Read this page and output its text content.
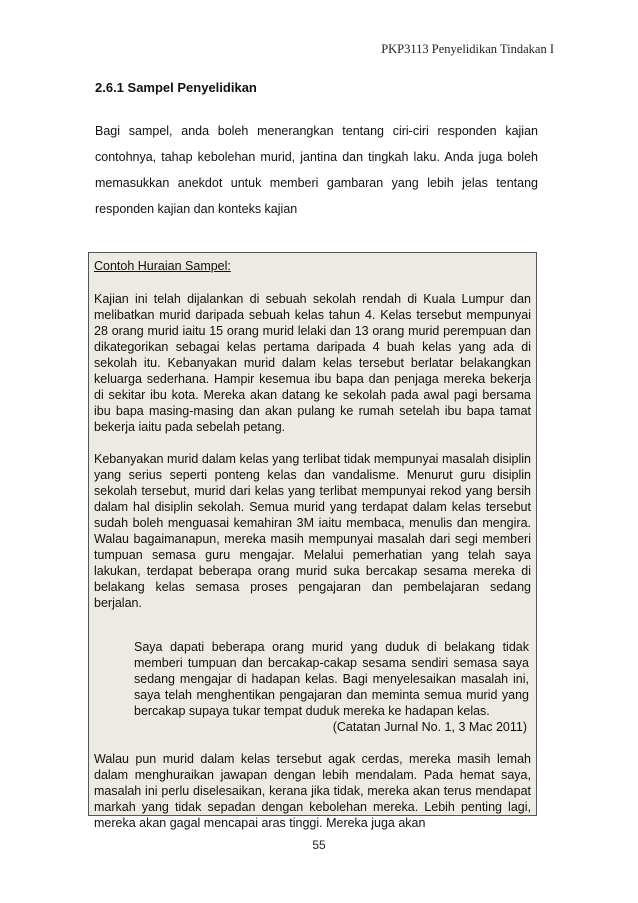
PKP3113 Penyelidikan Tindakan I
2.6.1 Sampel Penyelidikan

Bagi sampel, anda boleh menerangkan tentang ciri-ciri responden kajian contohnya, tahap kebolehan murid, jantina dan tingkah laku. Anda juga boleh memasukkan anekdot untuk memberi gambaran yang lebih jelas tentang responden kajian dan konteks kajian

Contoh Huraian Sampel:

Kajian ini telah dijalankan di sebuah sekolah rendah di Kuala Lumpur dan melibatkan murid daripada sebuah kelas tahun 4. Kelas tersebut mempunyai 28 orang murid iaitu 15 orang murid lelaki dan 13 orang murid perempuan dan dikategorikan sebagai kelas pertama daripada 4 buah kelas yang ada di sekolah itu. Kebanyakan murid dalam kelas tersebut berlatar belakangkan keluarga sederhana. Hampir kesemua ibu bapa dan penjaga mereka bekerja di sekitar ibu kota. Mereka akan datang ke sekolah pada awal pagi bersama ibu bapa masing-masing dan akan pulang ke rumah setelah ibu bapa tamat bekerja iaitu pada sebelah petang.

Kebanyakan murid dalam kelas yang terlibat tidak mempunyai masalah disiplin yang serius seperti ponteng kelas dan vandalisme. Menurut guru disiplin sekolah tersebut, murid dari kelas yang terlibat mempunyai rekod yang bersih dalam hal disiplin sekolah. Semua murid yang terdapat dalam kelas tersebut sudah boleh menguasai kemahiran 3M iaitu membaca, menulis dan mengira. Walau bagaimanapun, mereka masih mempunyai masalah dari segi memberi tumpuan semasa guru mengajar. Melalui pemerhatian yang telah saya lakukan, terdapat beberapa orang murid suka bercakap sesama mereka di belakang kelas semasa proses pengajaran dan pembelajaran sedang berjalan.

Saya dapati beberapa orang murid yang duduk di belakang tidak memberi tumpuan dan bercakap-cakap sesama sendiri semasa saya sedang mengajar di hadapan kelas. Bagi menyelesaikan masalah ini, saya telah menghentikan pengajaran dan meminta semua murid yang bercakap supaya tukar tempat duduk mereka ke hadapan kelas.

(Catatan Jurnal No. 1, 3 Mac 2011)

Walau pun murid dalam kelas tersebut agak cerdas, mereka masih lemah dalam menghuraikan jawapan dengan lebih mendalam. Pada hemat saya, masalah ini perlu diselesaikan, kerana jika tidak, mereka akan terus mendapat markah yang tidak sepadan dengan kebolehan mereka. Lebih penting lagi, mereka akan gagal mencapai aras tinggi. Mereka juga akan

55
